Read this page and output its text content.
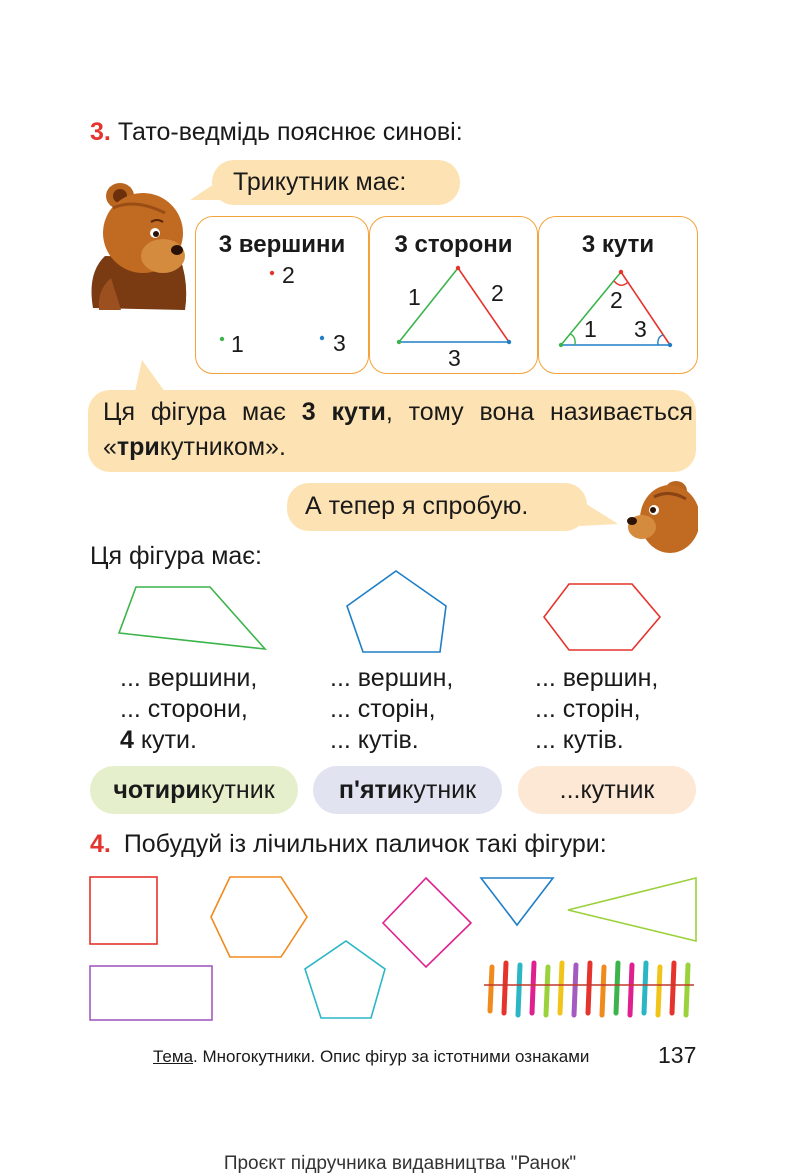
3. Тато-ведмідь пояснює синові:
Трикутник має:
3 вершини
2
1	3
3 сторони
1	2
3
3 кути
2
1 3
Ця фігура має 3 кути, тому вона називається
«трикутником».
А тепер я спробую.
Ця фігура має:
... вершини,
... сторони,
4 кути.
... вершин,
... сторін,
... кутів.
... вершин,
... сторін,
... кутів.
чотирикутник	п'ятикутник	...кутник
4. Побудуй із лічильних паличок такі фігури:
Тема. Многокутники. Опис фігур за істотними ознаками	137
Проєкт підручника видавництва "Ранок"
